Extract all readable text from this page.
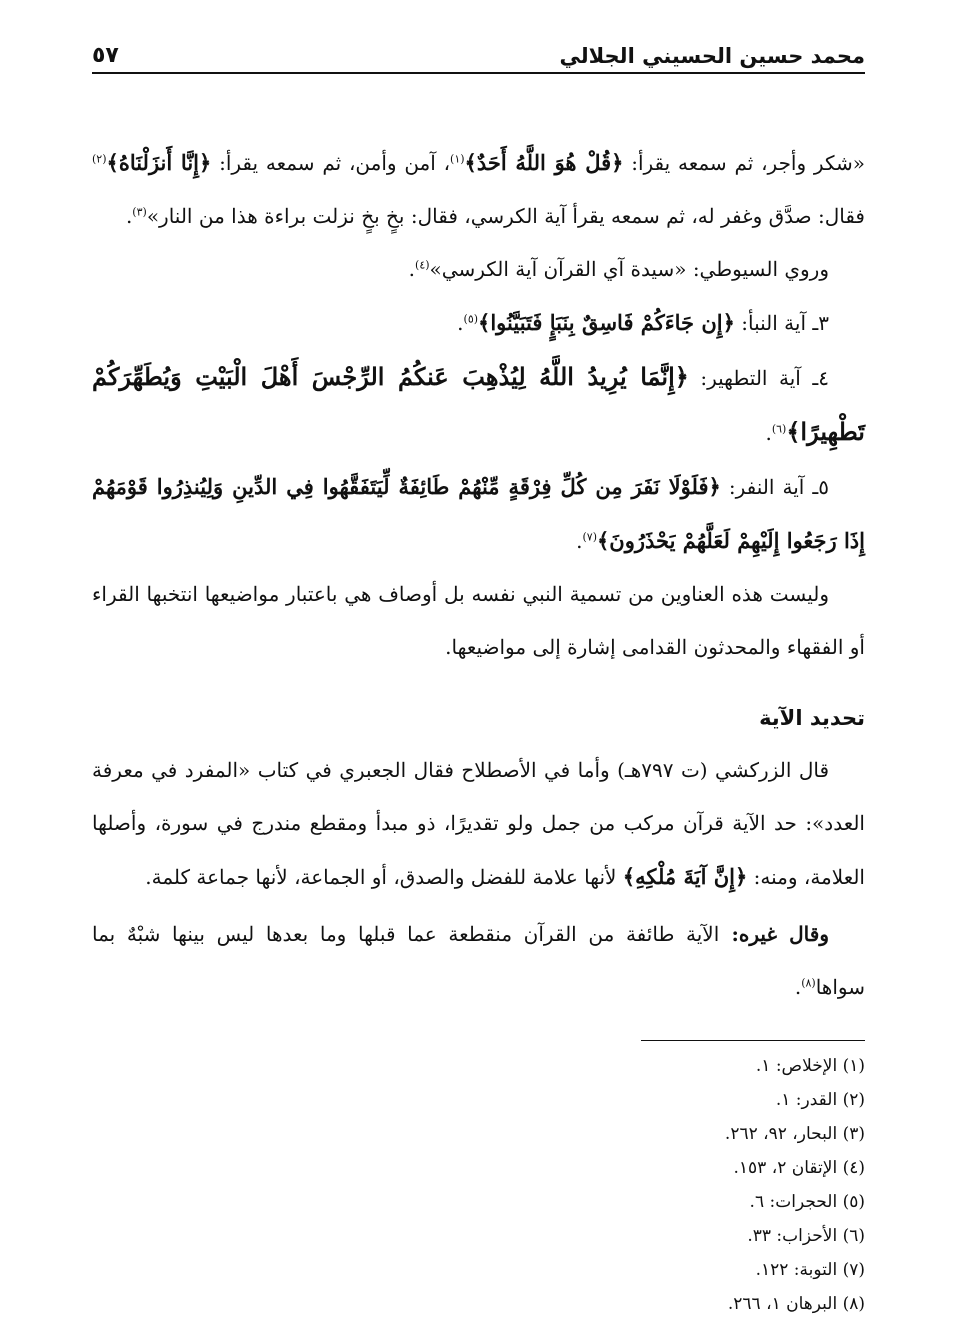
محمد حسين الحسيني الجلالي
٥٧

«شكر وأجر، ثم سمعه يقرأ: ﴿قُلْ هُوَ اللَّهُ أَحَدٌ﴾$^{(١)}$، آمن وأمن، ثم سمعه يقرأ: ﴿إِنَّا أَنزَلْنَاهُ﴾$^{(٢)}$ فقال: صدَّق وغفر له، ثم سمعه يقرأ آية الكرسي، فقال: بخٍ بخٍ نزلت براءة هذا من النار»$^{(٣)}$.

وروي السيوطي: «سيدة آي القرآن آية الكرسي»$^{(٤)}$.

٣ـ آية النبأ: ﴿إِن جَاءَكُمْ فَاسِقٌ بِنَبَإٍ فَتَبَيَّنُوا﴾$^{(٥)}$.

٤ـ آية التطهير: ﴿إِنَّمَا يُرِيدُ اللَّهُ لِيُذْهِبَ عَنكُمُ الرِّجْسَ أَهْلَ الْبَيْتِ وَيُطَهِّرَكُمْ تَطْهِيرًا﴾$^{(٦)}$.

٥ـ آية النفر: ﴿فَلَوْلَا نَفَرَ مِن كُلِّ فِرْقَةٍ مِّنْهُمْ طَائِفَةٌ لِّيَتَفَقَّهُوا فِي الدِّينِ وَلِيُنذِرُوا قَوْمَهُمْ إِذَا رَجَعُوا إِلَيْهِمْ لَعَلَّهُمْ يَحْذَرُونَ﴾$^{(٧)}$.

وليست هذه العناوين من تسمية النبي نفسه بل أوصاف هي باعتبار مواضيعها انتخبها القراء أو الفقهاء والمحدثون القدامى إشارة إلى مواضيعها.

تحديد الآية

قال الزركشي (ت ٧٩٧هـ) وأما في الأصطلاح فقال الجعبري في كتاب «المفرد في معرفة العدد»: حد الآية قرآن مركب من جمل ولو تقديرًا، ذو مبدأ ومقطع مندرج في سورة، وأصلها العلامة، ومنه: ﴿إِنَّ آيَةَ مُلْكِهِ﴾ لأنها علامة للفضل والصدق، أو الجماعة، لأنها جماعة كلمة.

وقال غيره: الآية طائفة من القرآن منقطعة عما قبلها وما بعدها ليس بينها شبْهٌ بما سواها$^{(٨)}$.

(١) الإخلاص: ١.
(٢) القدر: ١.
(٣) البحار، ٩٢، ٢٦٢.
(٤) الإتقان ٢، ١٥٣.
(٥) الحجرات: ٦.
(٦) الأحزاب: ٣٣.
(٧) التوبة: ١٢٢.
(٨) البرهان ١، ٢٦٦.
